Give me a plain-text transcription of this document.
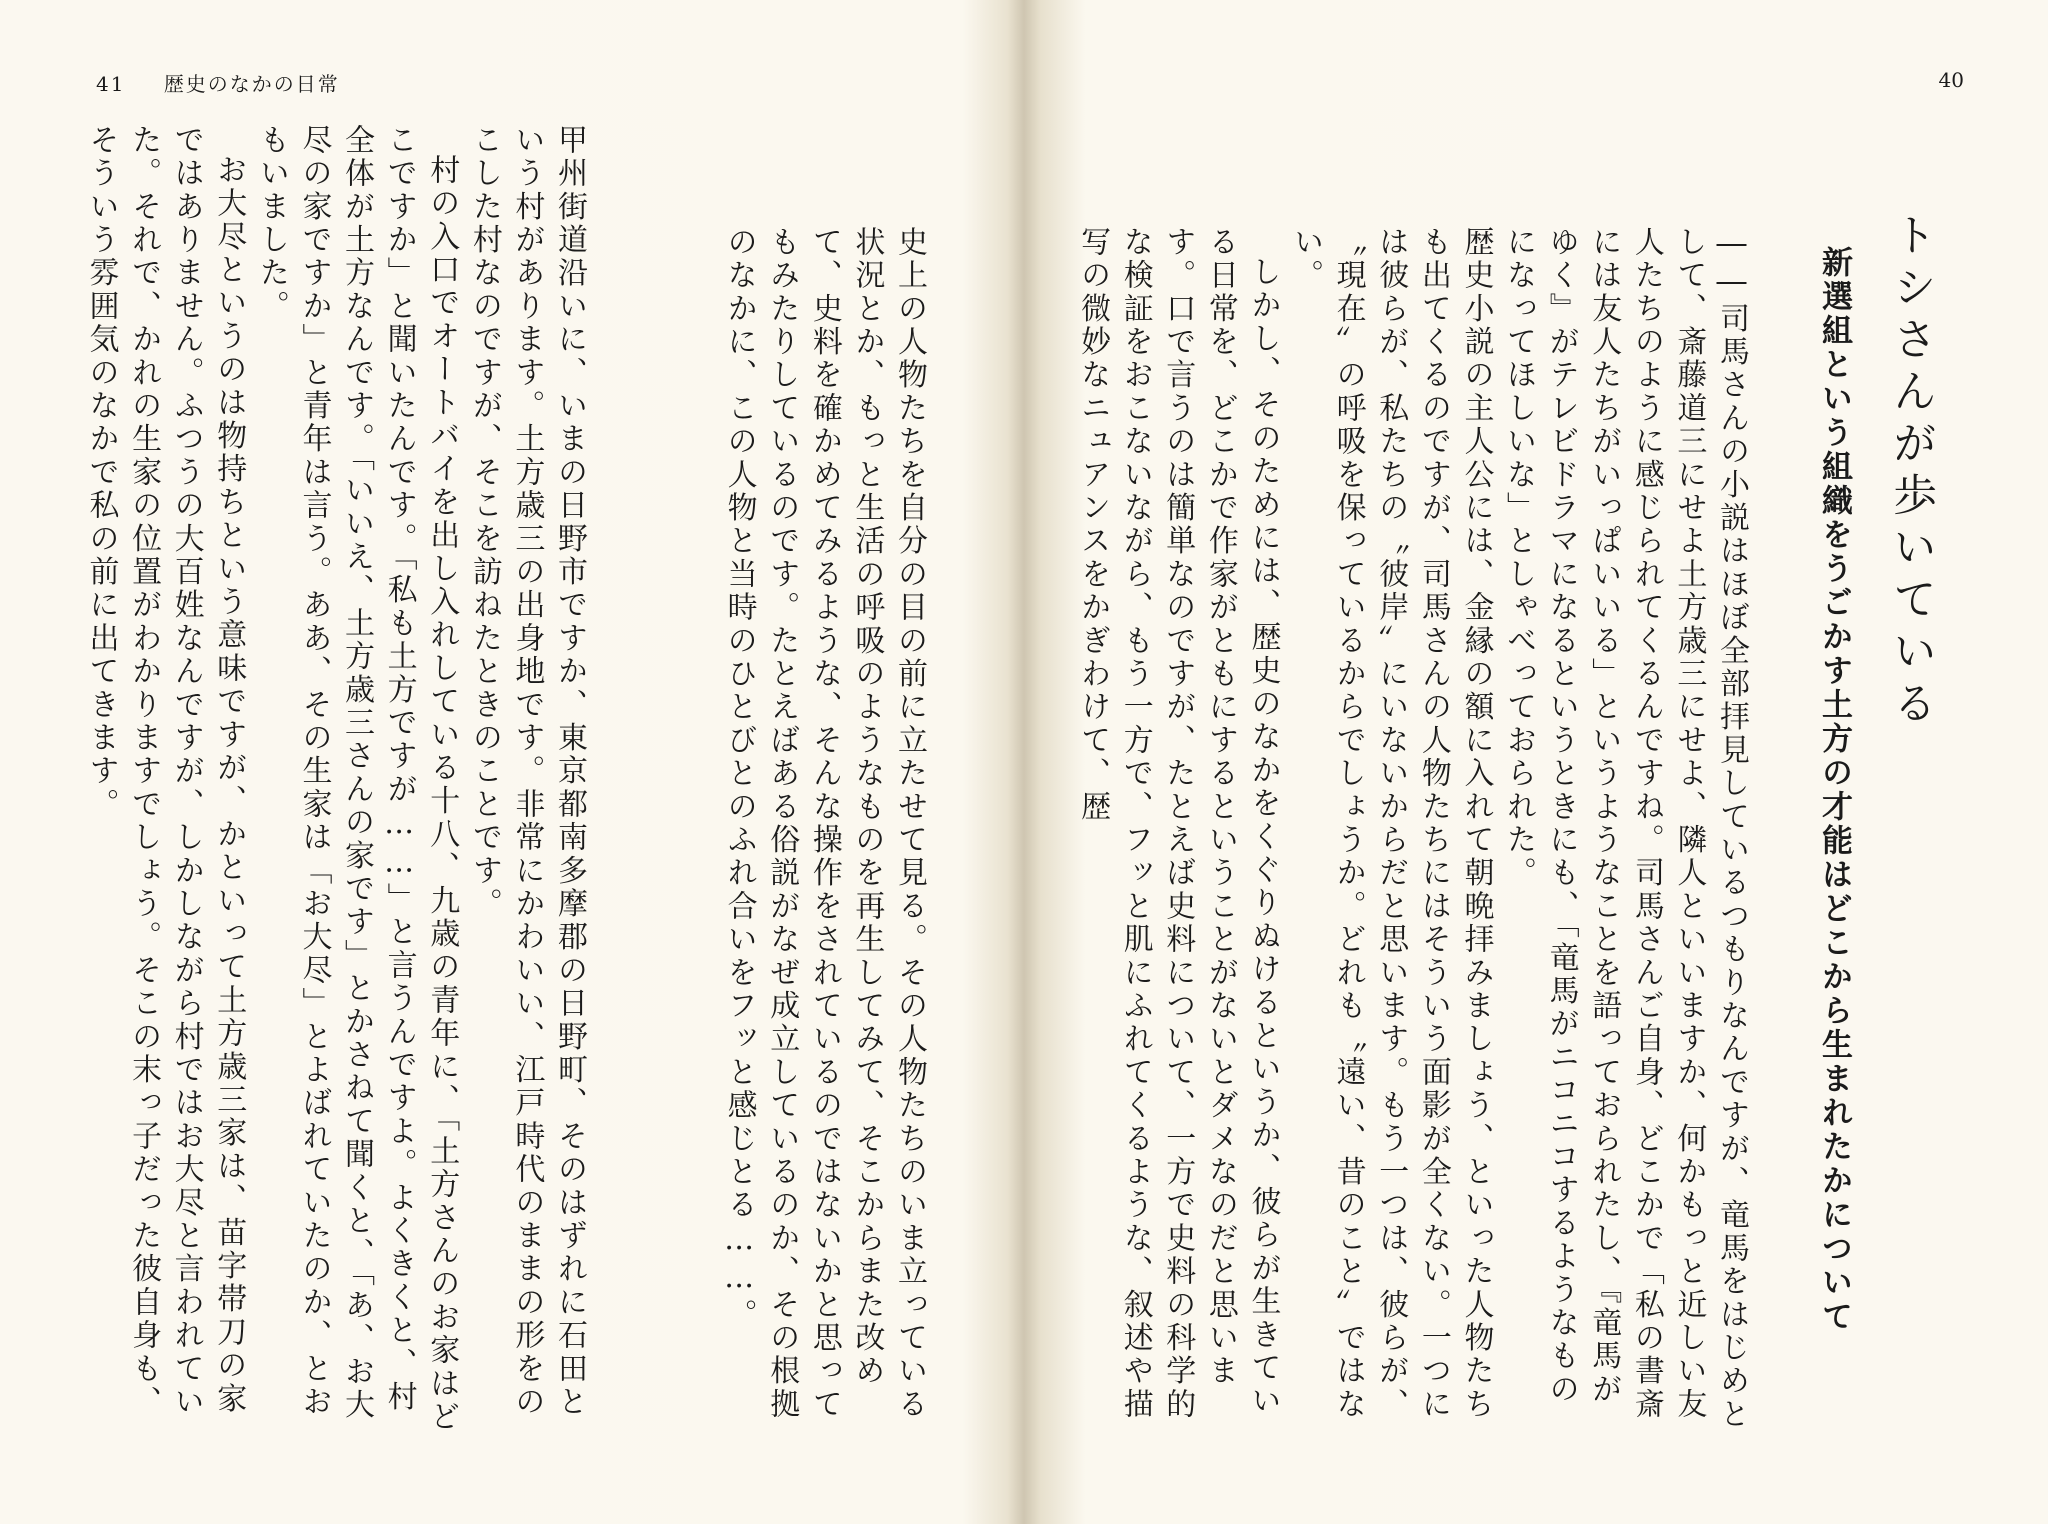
41 歴史のなかの日常

史上の人物たちを自分の目の前に立たせて見る。その人物たちのいま立っている状況とか、もっと生活の呼吸のようなものを再生してみて、そこからまた改めて、史料を確かめてみるような、そんな操作をされているのではないかと思ってもみたりしているのです。たとえばある俗説がなぜ成立しているのか、その根拠のなかに、この人物と当時のひとびとのふれ合いをフッと感じとる……。

甲州街道沿いに、いまの日野市ですか、東京都南多摩郡の日野町、そのはずれに石田という村があります。土方歳三の出身地です。非常にかわいい、江戸時代のままの形をのこした村なのですが、そこを訪ねたときのことです。

村の入口でオートバイを出し入れしている十八、九歳の青年に、「土方さんのお家はどこですか」と聞いたんです。「私も土方ですが……」と言うんですよ。よくきくと、村全体が土方なんです。「いいえ、土方歳三さんの家です」とかさねて聞くと、「あ、お大尽の家ですか」と青年は言う。ああ、その生家は「お大尽」とよばれていたのか、とおもいました。

お大尽というのは物持ちという意味ですが、かといって土方歳三家は、苗字帯刀の家ではありません。ふつうの大百姓なんですが、しかしながら村ではお大尽と言われていた。それで、かれの生家の位置がわかりますでしょう。そこの末っ子だった彼自身も、そういう雰囲気のなかで私の前に出てきます。

40
トシさんが歩いている
新選組という組織をうごかす土方の才能はどこから生まれたかについて

――司馬さんの小説はほぼ全部拝見しているつもりなんですが、竜馬をはじめとして、斎藤道三にせよ土方歳三にせよ、隣人といいますか、何かもっと近しい友人たちのように感じられてくるんですね。司馬さんご自身、どこかで「私の書斎には友人たちがいっぱいいる」というようなことを語っておられたし、『竜馬がゆく』がテレビドラマになるというときにも、「竜馬がニコニコするようなものになってほしいな」としゃべっておられた。

歴史小説の主人公には、金縁の額に入れて朝晩拝みましょう、といった人物たちも出てくるのですが、司馬さんの人物たちにはそういう面影が全くない。一つには彼らが、私たちの〝彼岸〟にいないからだと思います。もう一つは、彼らが、〝現在〟の呼吸を保っているからでしょうか。どれも〝遠い、昔のこと〟ではない。

しかし、そのためには、歴史のなかをくぐりぬけるというか、彼らが生きている日常を、どこかで作家がともにするということがないとダメなのだと思います。口で言うのは簡単なのですが、たとえば史料について、一方で史料の科学的な検証をおこないながら、もう一方で、フッと肌にふれてくるような、叙述や描写の微妙なニュアンスをかぎわけて、歴
